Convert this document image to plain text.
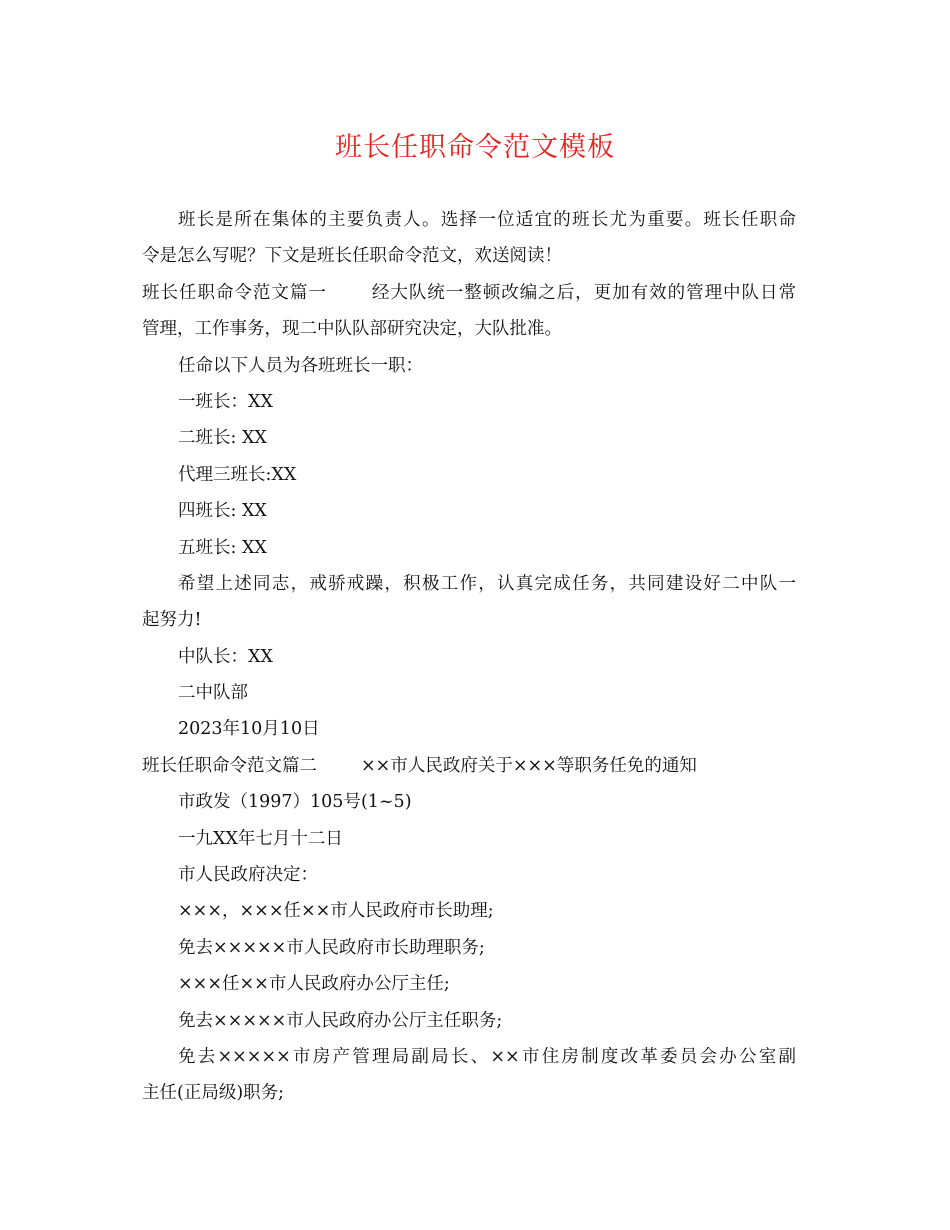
班长任职命令范文模板
班长是所在集体的主要负责人。选择一位适宜的班长尤为重要。班长任职命
令是怎么写呢？下文是班长任职命令范文，欢送阅读！
班长任职命令范文篇一	经大队统一整顿改编之后，更加有效的管理中队日常
管理，工作事务，现二中队队部研究决定，大队批准。
任命以下人员为各班班长一职：
一班长：XX
二班长: XX
代理三班长:XX
四班长: XX
五班长: XX
希望上述同志，戒骄戒躁，积极工作，认真完成任务，共同建设好二中队一
起努力!
中队长：XX
二中队部
2023年10月10日
班长任职命令范文篇二	××市人民政府关于×××等职务任免的通知
市政发（1997）105号(1~5)
一九XX年七月十二日
市人民政府决定：
×××，×××任××市人民政府市长助理;
免去×××××市人民政府市长助理职务;
×××任××市人民政府办公厅主任;
免去×××××市人民政府办公厅主任职务;
免去×××××市房产管理局副局长、××市住房制度改革委员会办公室副
主任(正局级)职务;
